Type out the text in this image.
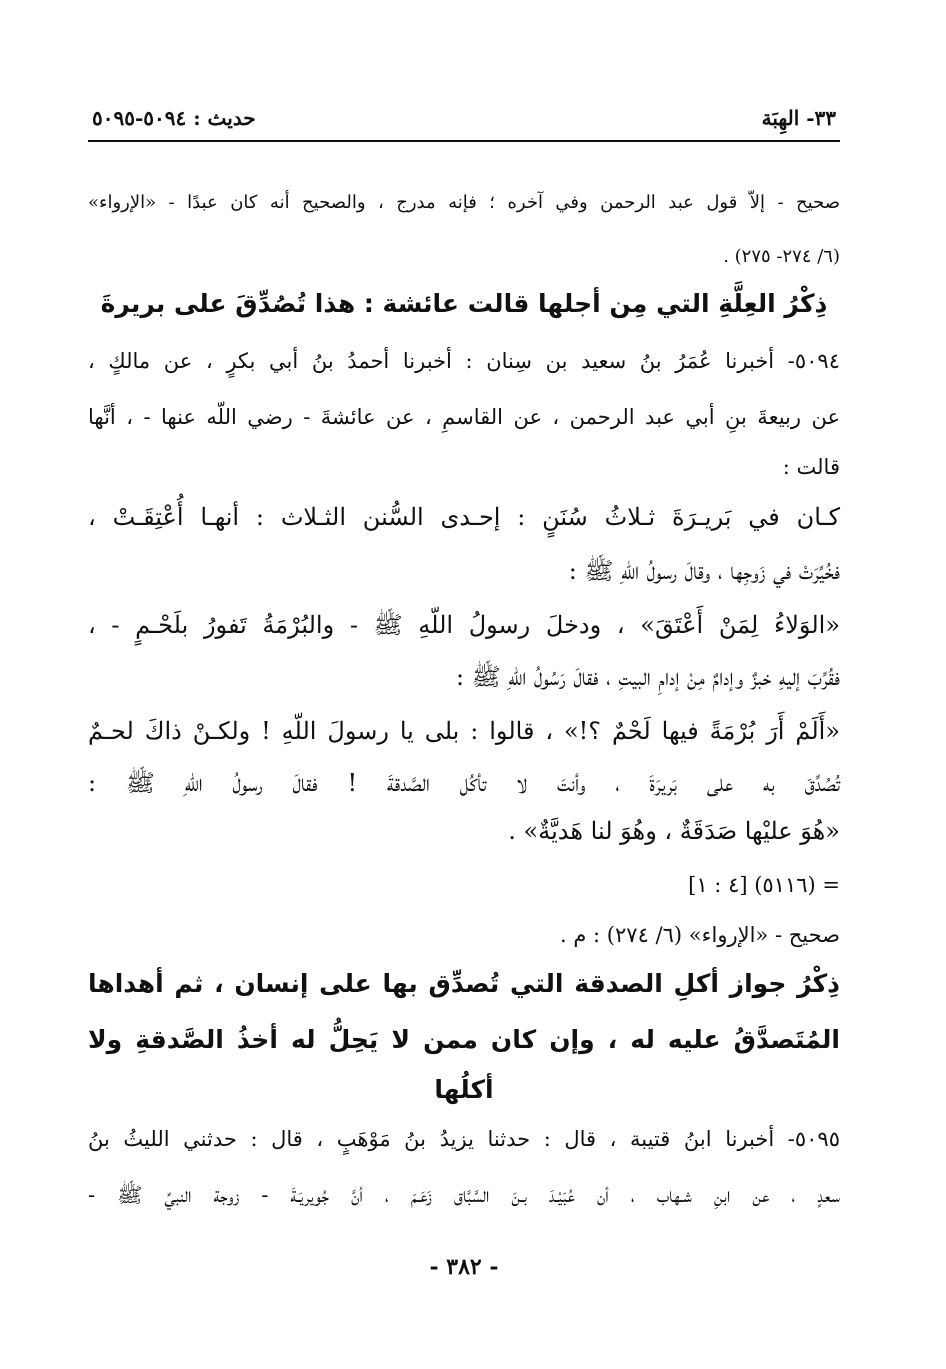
٣٣- الهِبَة
حديث : ٥٠٩٤-٥٠٩٥
صحيح - إلاّ قول عبد الرحمن وفي آخره ؛ فإنه مدرج ، والصحيح أنه كان عبدًا - «الإرواء»
(٦/ ٢٧٤- ٢٧٥) .
ذِكْرُ العِلَّةِ التي مِن أجلها قالت عائشة : هذا تُصُدِّقَ على بريرةَ
٥٠٩٤- أخبرنا عُمَرُ بنُ سعيد بن سِنان : أخبرنا أحمدُ بنُ أبي بكرٍ ، عن مالكٍ ،
عن ربيعةَ بنِ أبي عبد الرحمن ، عن القاسمِ ، عن عائشةَ - رضي اللّه عنها - ، أنَّها
قالت :
كـان في بَريـرَةَ ثـلاثُ سُنَنٍ : إحـدى السُّنن الثـلاث : أنهـا أُعْتِقَـتْ ،
فخُيِّرَتْ في زَوجِها ، وقالَ رسولُ اللّهِ ﷺ :
«الوَلاءُ لِمَنْ أَعْتَقَ» ، ودخلَ رسولُ اللّهِ ﷺ - والبُرْمَةُ تَفورُ بلَحْـمٍ - ،
فقُرِّبَ إليهِ خبزٌ وإدامٌ مِنْ إدامِ البيتِ ، فقالَ رَسُولُ اللّهِ ﷺ :
«أَلَمْ أَرَ بُرْمَةً فيها لَحْمٌ ؟!» ، قالوا : بلى يا رسولَ اللّهِ ! ولكـنْ ذاكَ لحـمٌ
تُصُدِّقَ به على بَريرَةَ ، وأنتَ لا تأكُل الصَّدقةَ ! فقالَ رسولُ اللّهِ ﷺ :
«هُوَ عليْها صَدَقَةٌ ، وهُوَ لنا هَديَّةٌ» .
= (٥١١٦) [٤ : ١]
صحيح - «الإرواء» (٦/ ٢٧٤) : م .
ذِكْرُ جواز أكلِ الصدقة التي تُصدِّق بها على إنسان ، ثم أهداها
المُتَصدَّقُ عليه له ، وإن كان ممن لا يَحِلُّ له أخذُ الصَّدقةِ ولا
أكلُها
٥٠٩٥- أخبرنا ابنُ قتيبة ، قال : حدثنا يزيدُ بنُ مَوْهَبٍ ، قال : حدثني الليثُ بنُ
سعدٍ ، عن ابنِ شـهاب ، أن عُبَيْـدَ بـنَ السَّبَّاق زَعَـمَ ، أنَّ جُويريَـةَ - زوجة النبيِّ ﷺ -
- ٣٨٢ -
